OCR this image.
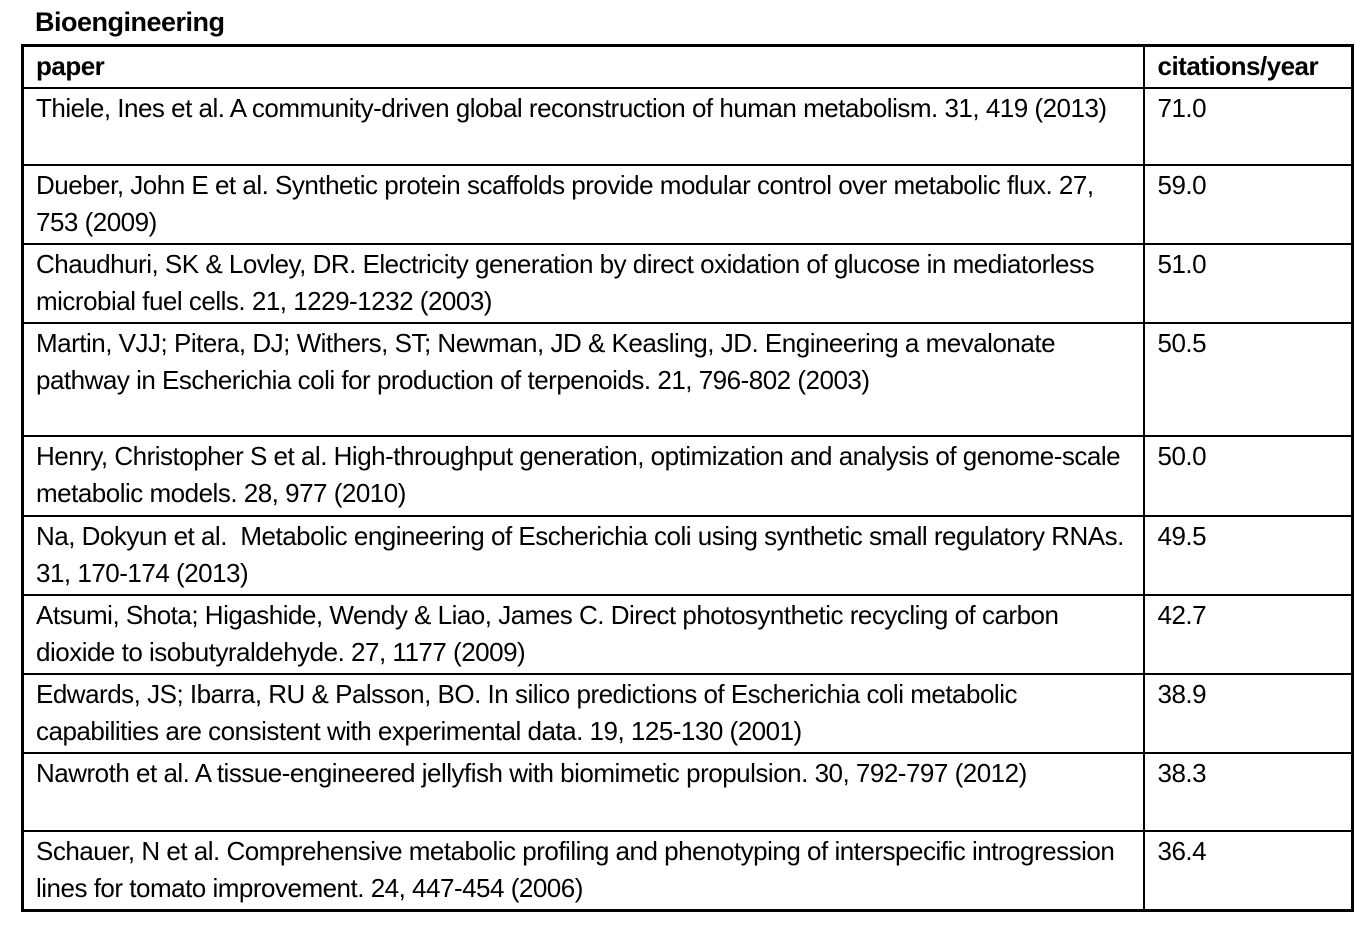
Bioengineering
paper	citations/year
Thiele, Ines et al. A community-driven global reconstruction of human metabolism. 31, 419 (2013)	71.0
Dueber, John E et al. Synthetic protein scaffolds provide modular control over metabolic flux. 27, 753 (2009)	59.0
Chaudhuri, SK & Lovley, DR. Electricity generation by direct oxidation of glucose in mediatorless microbial fuel cells. 21, 1229-1232 (2003)	51.0
Martin, VJJ; Pitera, DJ; Withers, ST; Newman, JD & Keasling, JD. Engineering a mevalonate pathway in Escherichia coli for production of terpenoids. 21, 796-802 (2003)	50.5
Henry, Christopher S et al. High-throughput generation, optimization and analysis of genome-scale metabolic models. 28, 977 (2010)	50.0
Na, Dokyun et al.  Metabolic engineering of Escherichia coli using synthetic small regulatory RNAs. 31, 170-174 (2013)	49.5
Atsumi, Shota; Higashide, Wendy & Liao, James C. Direct photosynthetic recycling of carbon dioxide to isobutyraldehyde. 27, 1177 (2009)	42.7
Edwards, JS; Ibarra, RU & Palsson, BO. In silico predictions of Escherichia coli metabolic capabilities are consistent with experimental data. 19, 125-130 (2001)	38.9
Nawroth et al. A tissue-engineered jellyfish with biomimetic propulsion. 30, 792-797 (2012)	38.3
Schauer, N et al. Comprehensive metabolic profiling and phenotyping of interspecific introgression lines for tomato improvement. 24, 447-454 (2006)	36.4
